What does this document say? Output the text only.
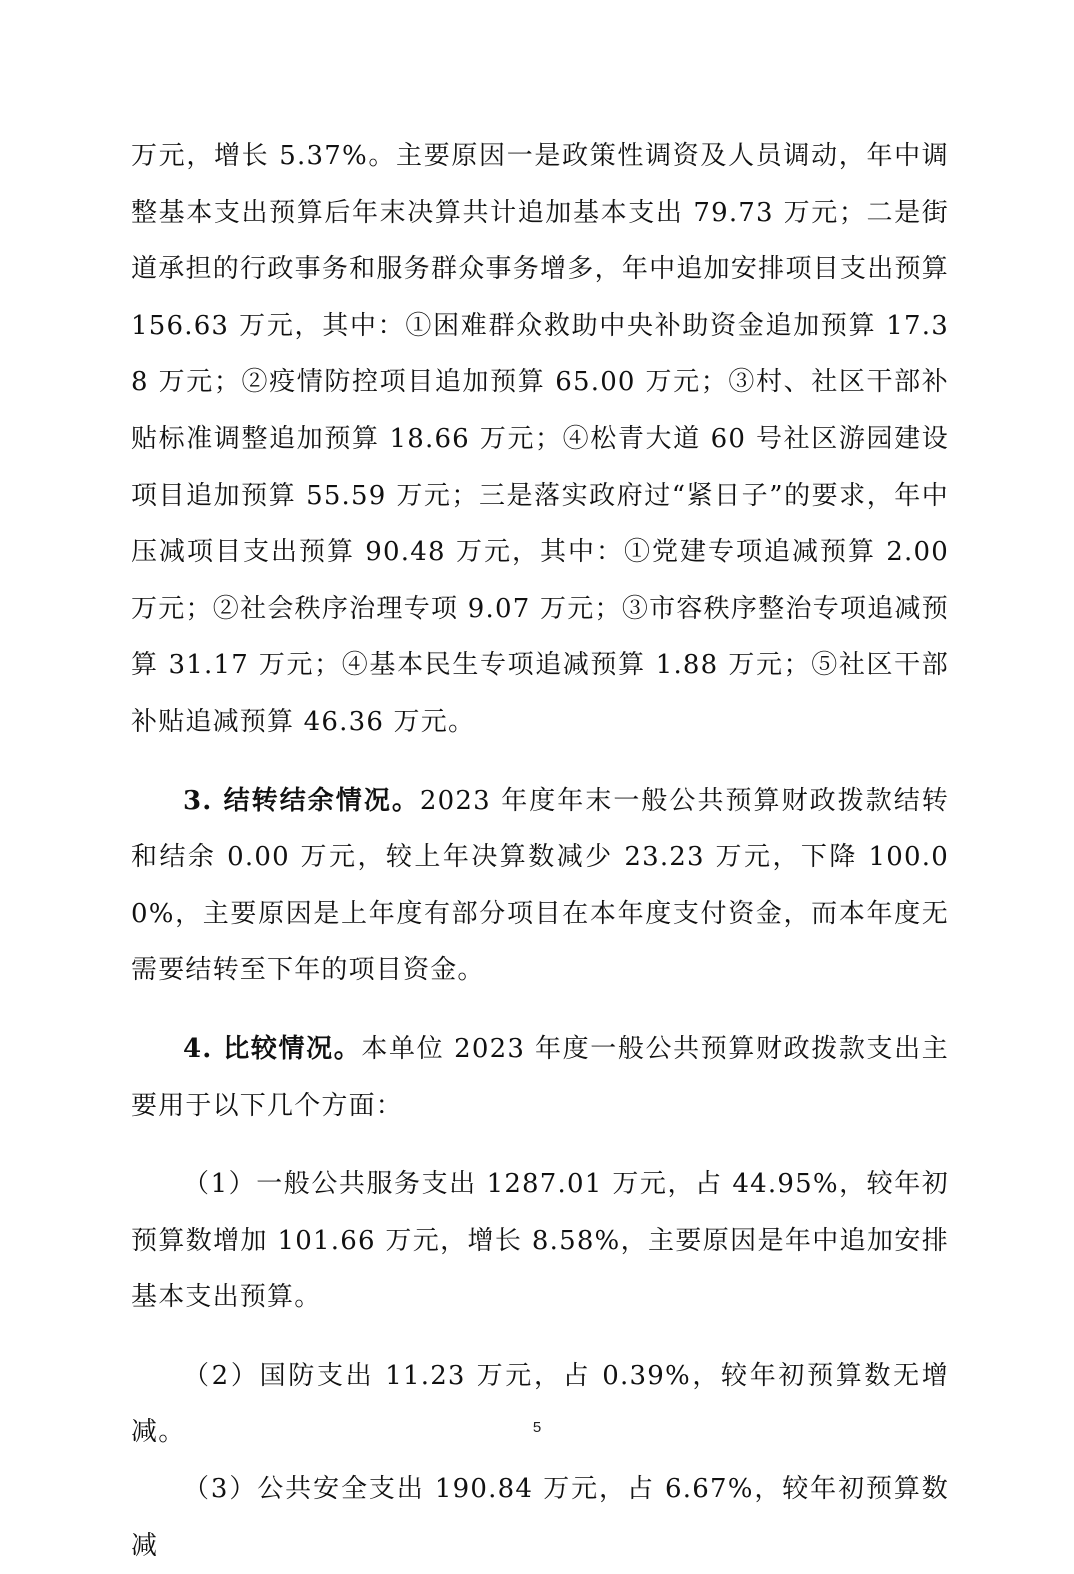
万元，增长 5.37%。主要原因一是政策性调资及人员调动，年中调整基本支出预算后年末决算共计追加基本支出 79.73 万元；二是街道承担的行政事务和服务群众事务增多，年中追加安排项目支出预算 156.63 万元，其中：①困难群众救助中央补助资金追加预算 17.38 万元；②疫情防控项目追加预算 65.00 万元；③村、社区干部补贴标准调整追加预算 18.66 万元；④松青大道 60 号社区游园建设项目追加预算 55.59 万元；三是落实政府过“紧日子”的要求，年中压减项目支出预算 90.48 万元，其中：①党建专项追减预算 2.00 万元；②社会秩序治理专项 9.07 万元；③市容秩序整治专项追减预算 31.17 万元；④基本民生专项追减预算 1.88 万元；⑤社区干部补贴追减预算 46.36 万元。

3. 结转结余情况。2023 年度年末一般公共预算财政拨款结转和结余 0.00 万元，较上年决算数减少 23.23 万元，下降 100.00%，主要原因是上年度有部分项目在本年度支付资金，而本年度无需要结转至下年的项目资金。

4. 比较情况。本单位 2023 年度一般公共预算财政拨款支出主要用于以下几个方面：

（1）一般公共服务支出 1287.01 万元，占 44.95%，较年初预算数增加 101.66 万元，增长 8.58%，主要原因是年中追加安排基本支出预算。

（2）国防支出 11.23 万元，占 0.39%，较年初预算数无增减。

（3）公共安全支出 190.84 万元，占 6.67%，较年初预算数减

5
